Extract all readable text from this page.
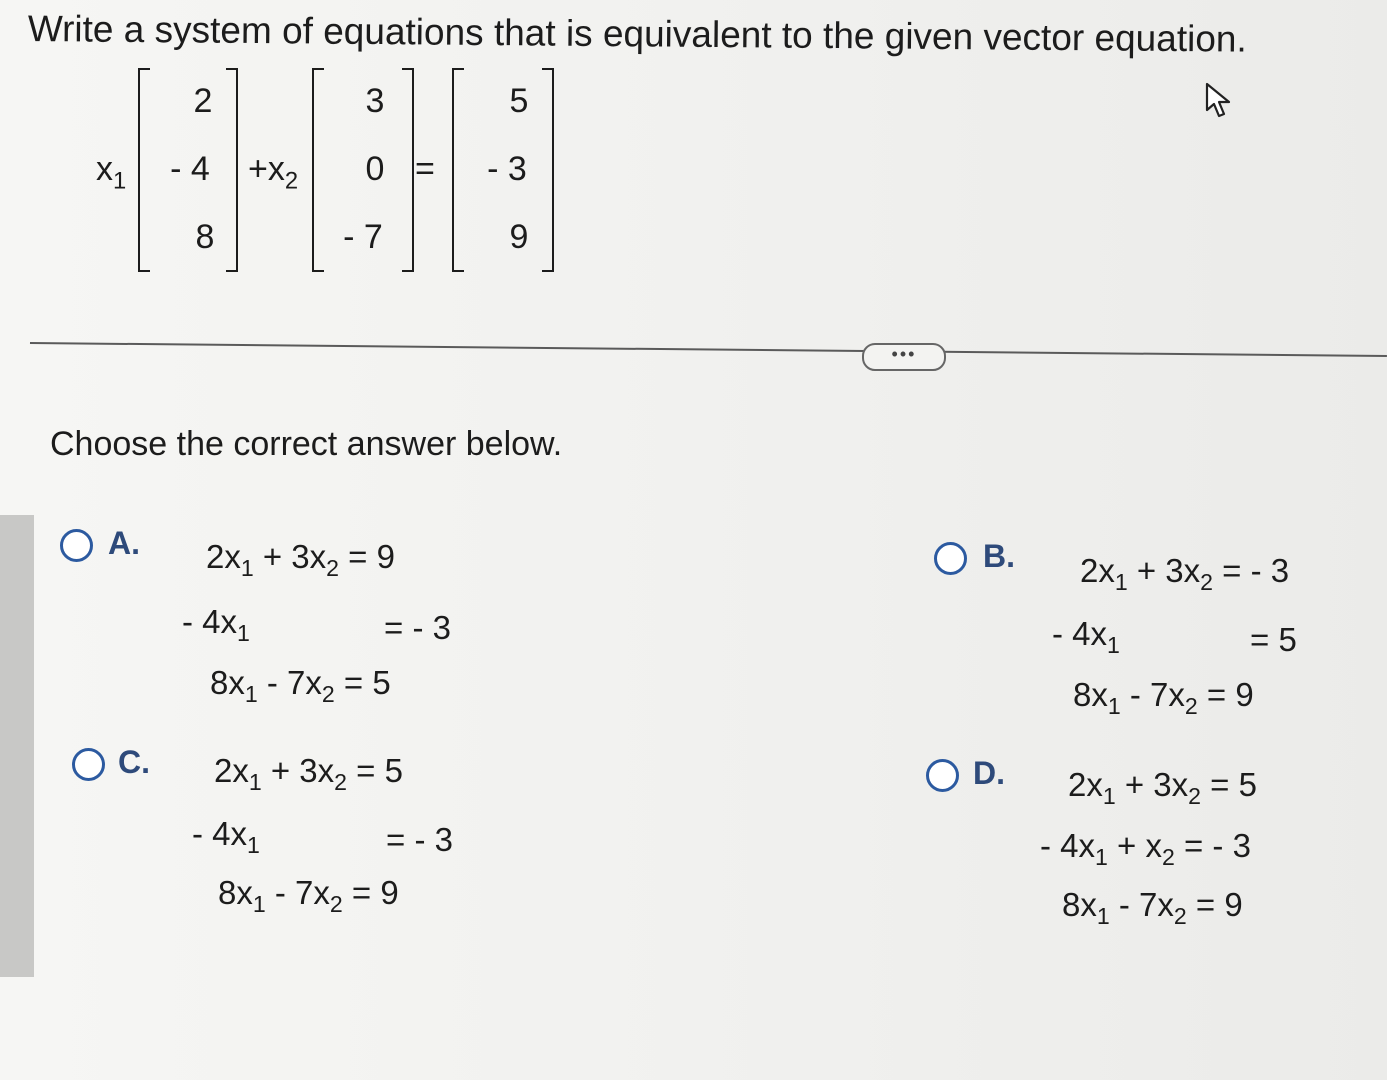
Write a system of equations that is equivalent to the given vector equation.
$x_1$
2
- 4
8
$+x_2$
3
0
- 7
=
5
- 3
9
•••
Choose the correct answer below.
A. $2x_1 + 3x_2 = 9$
- $4x_1$	= - 3
$8x_1 - 7x_2 = 5$
B. $2x_1 + 3x_2$ = - 3
- $4x_1$	= 5
$8x_1 - 7x_2 = 9$
C. $2x_1 + 3x_2 = 5$
- $4x_1$	= - 3
$8x_1 - 7x_2 = 9$
D. $2x_1 + 3x_2 = 5$
- $4x_1 + x_2$ = - 3
$8x_1 - 7x_2 = 9$
